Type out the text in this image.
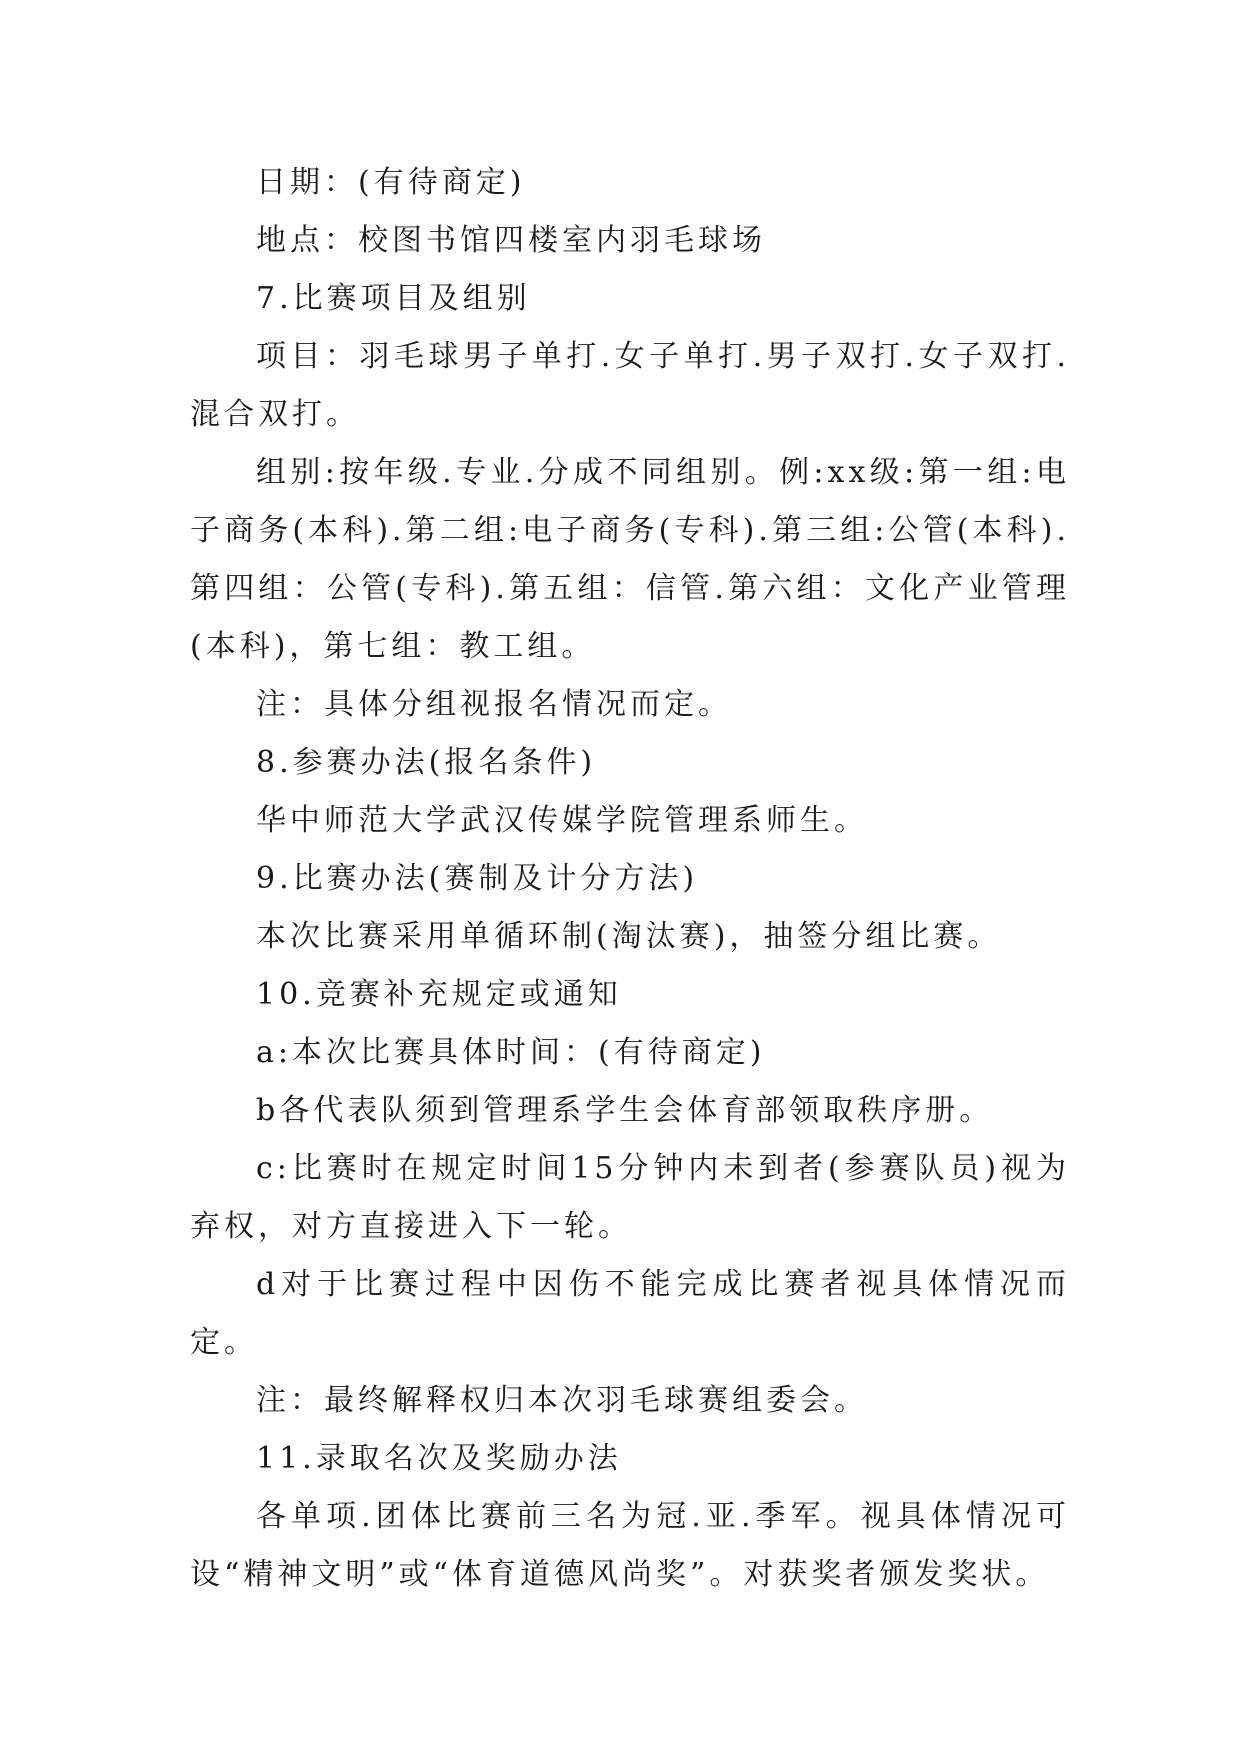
日期：(有待商定)

地点：校图书馆四楼室内羽毛球场

7.比赛项目及组别

项目：羽毛球男子单打.女子单打.男子双打.女子双打.混合双打。

组别:按年级.专业.分成不同组别。例:xx级:第一组:电子商务(本科).第二组:电子商务(专科).第三组:公管(本科).第四组：公管(专科).第五组：信管.第六组：文化产业管理(本科)，第七组：教工组。

注：具体分组视报名情况而定。

8.参赛办法(报名条件)

华中师范大学武汉传媒学院管理系师生。

9.比赛办法(赛制及计分方法)

本次比赛采用单循环制(淘汰赛)，抽签分组比赛。

10.竞赛补充规定或通知

a:本次比赛具体时间：(有待商定)

b各代表队须到管理系学生会体育部领取秩序册。

c:比赛时在规定时间15分钟内未到者(参赛队员)视为弃权，对方直接进入下一轮。

d对于比赛过程中因伤不能完成比赛者视具体情况而定。

注：最终解释权归本次羽毛球赛组委会。

11.录取名次及奖励办法

各单项.团体比赛前三名为冠.亚.季军。视具体情况可设“精神文明”或“体育道德风尚奖”。对获奖者颁发奖状。
